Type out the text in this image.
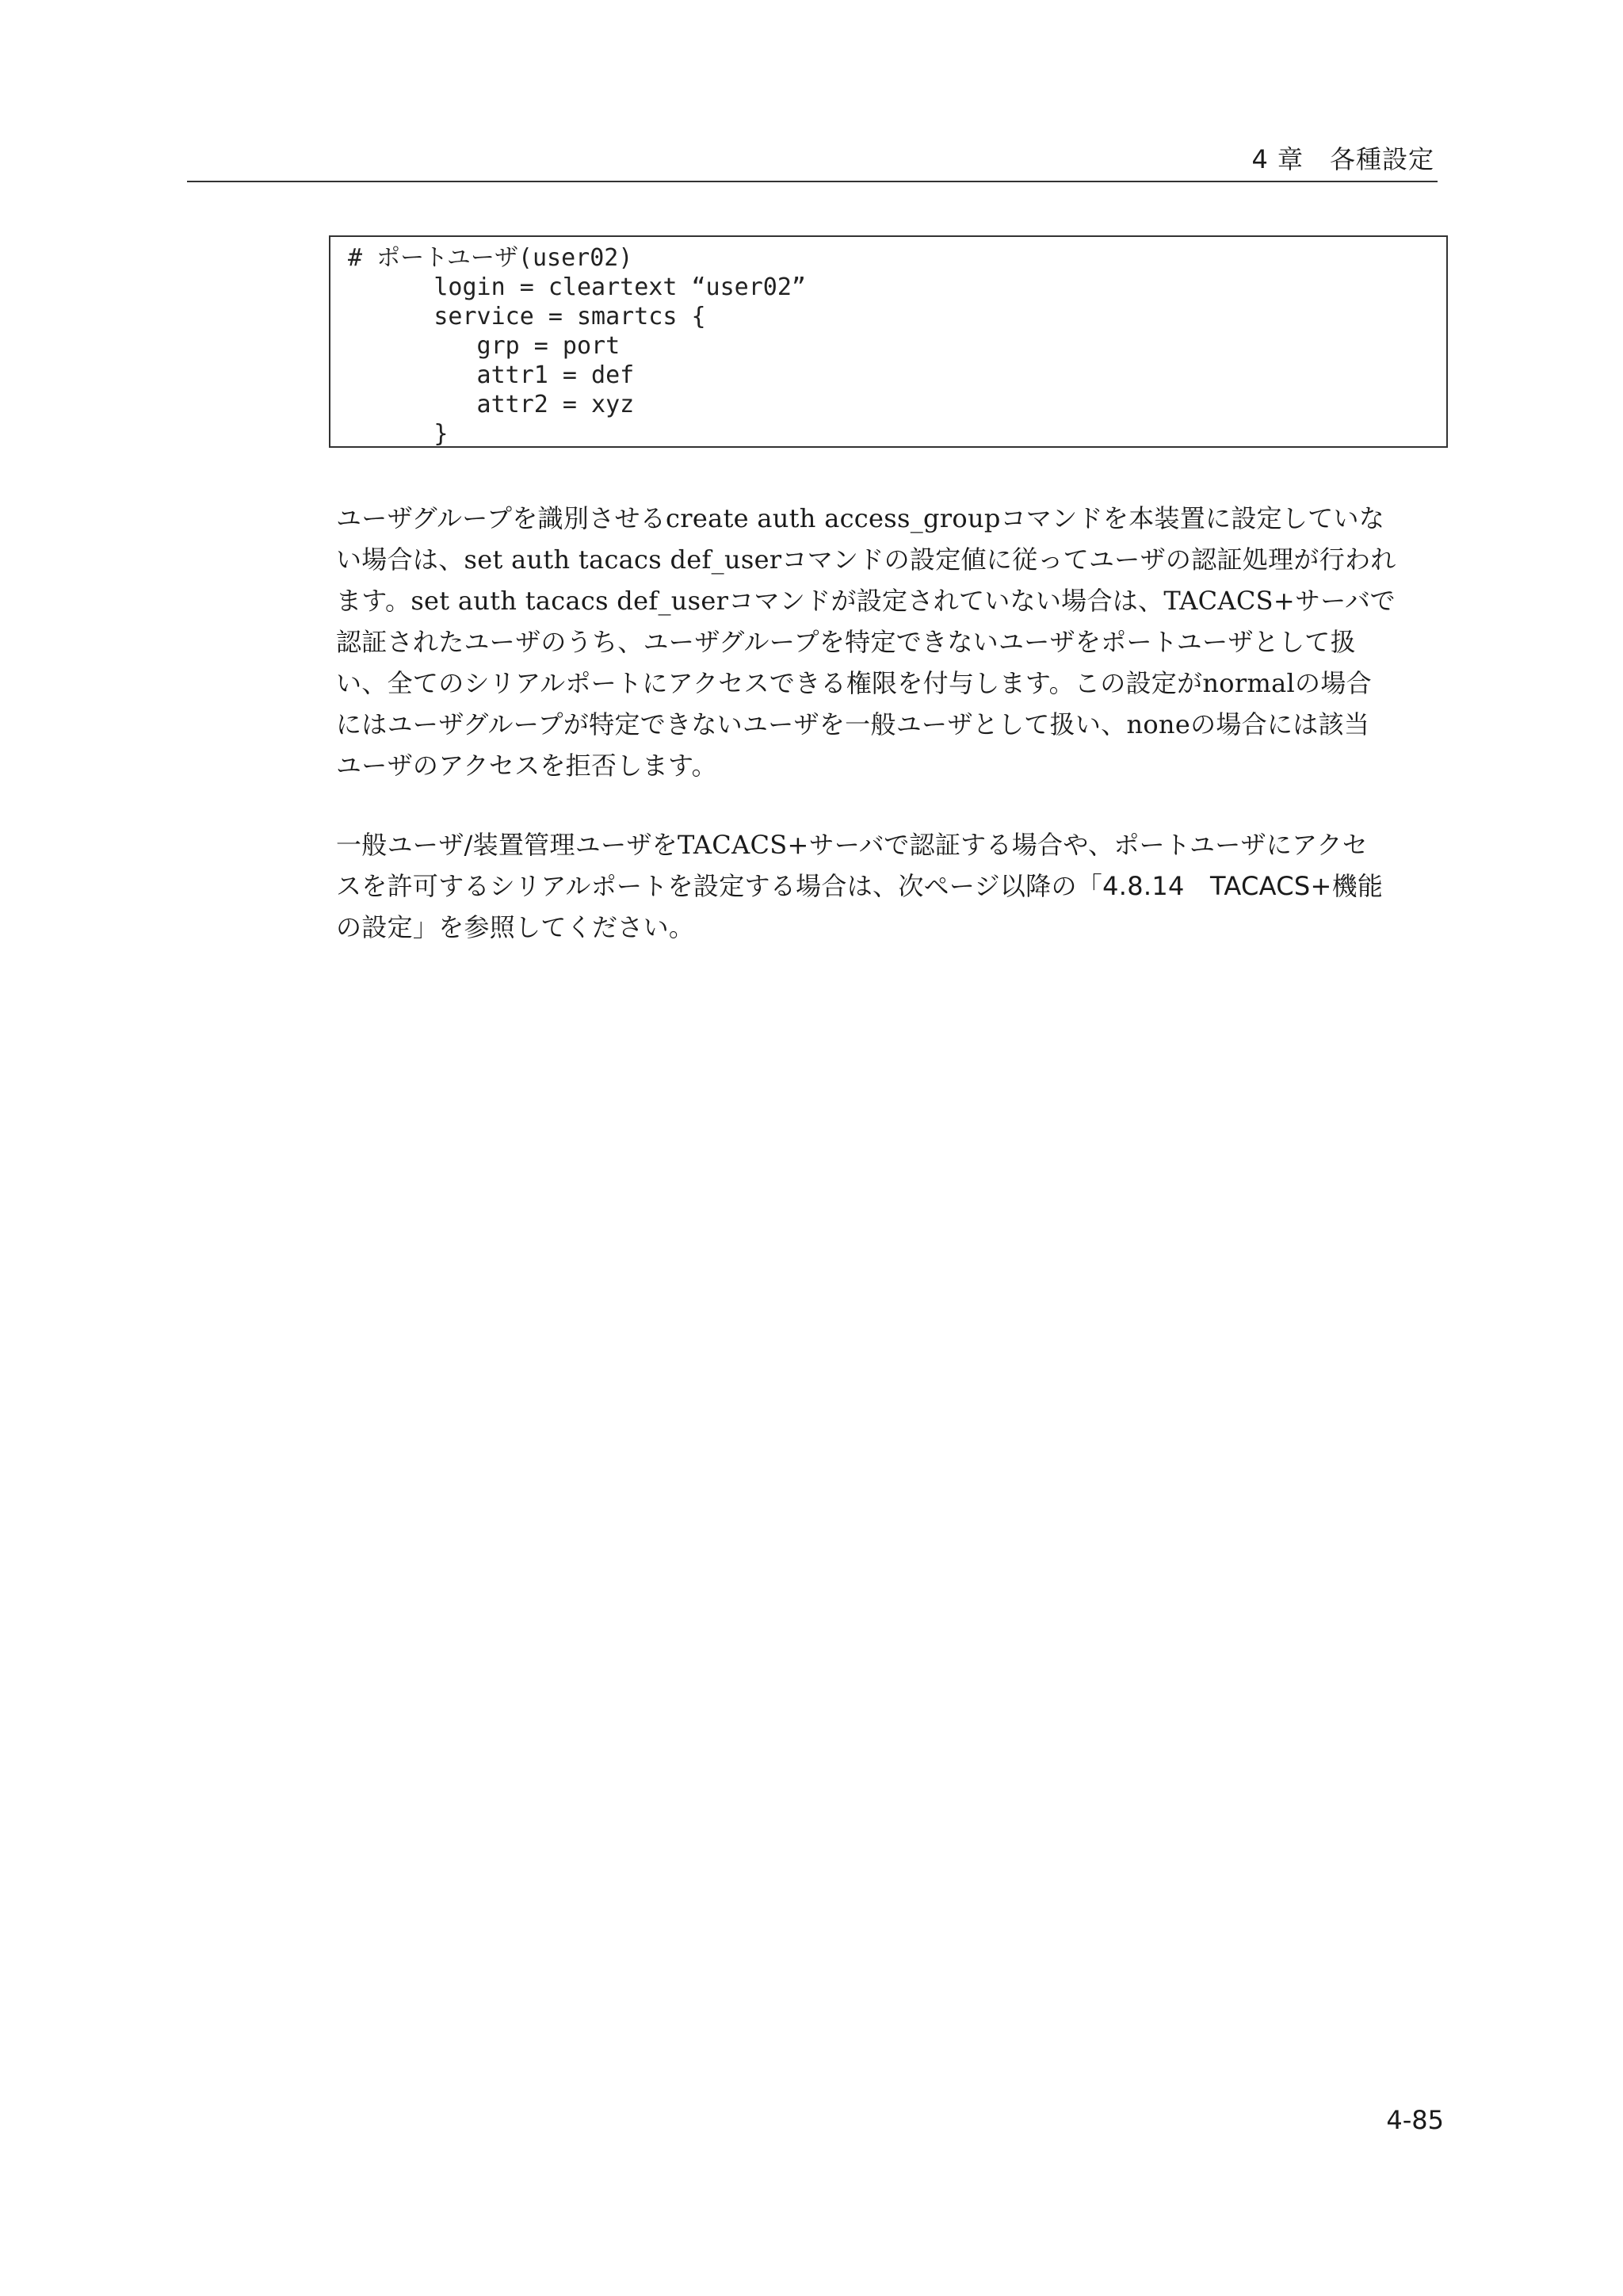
4 章　各種設定
# ポートユーザ(user02)
login = cleartext “user02”
service = smartcs {
grp = port
attr1 = def
attr2 = xyz
}
ユーザグループを識別させるcreate auth access_groupコマンドを本装置に設定していな
い場合は、set auth tacacs def_userコマンドの設定値に従ってユーザの認証処理が行われ
ます。set auth tacacs def_userコマンドが設定されていない場合は、TACACS+サーバで
認証されたユーザのうち、ユーザグループを特定できないユーザをポートユーザとして扱
い、全てのシリアルポートにアクセスできる権限を付与します。この設定がnormalの場合
にはユーザグループが特定できないユーザを一般ユーザとして扱い、noneの場合には該当
ユーザのアクセスを拒否します。
一般ユーザ/装置管理ユーザをTACACS+サーバで認証する場合や、ポートユーザにアクセ
スを許可するシリアルポートを設定する場合は、次ページ以降の「4.8.14　TACACS+機能
の設定」を参照してください。
4-85
